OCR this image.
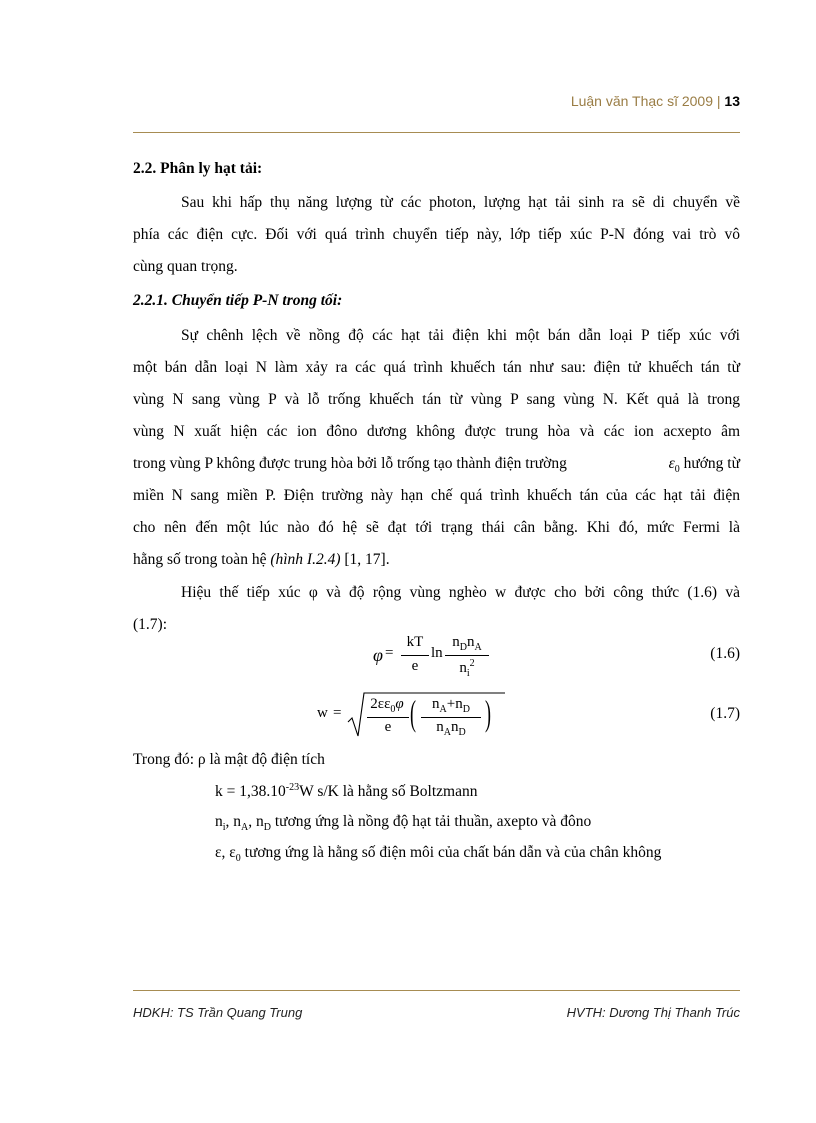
Luận văn Thạc sĩ 2009 | 13
2.2. Phân ly hạt tải:
Sau khi hấp thụ năng lượng từ các photon, lượng hạt tải sinh ra sẽ di chuyển về
phía các điện cực. Đối với quá trình chuyển tiếp này, lớp tiếp xúc P-N đóng vai trò vô
cùng quan trọng.
2.2.1. Chuyển tiếp P-N trong tối:
Sự chênh lệch về nồng độ các hạt tải điện khi một bán dẫn loại P tiếp xúc với
một bán dẫn loại N làm xảy ra các quá trình khuếch tán như sau: điện tử khuếch tán từ
vùng N sang vùng P và lỗ trống khuếch tán từ vùng P sang vùng N. Kết quả là trong
vùng N xuất hiện các ion đôno dương không được trung hòa và các ion acxepto âm
trong vùng P không được trung hòa bởi lỗ trống tạo thành điện trường	$\varepsilon_0$ hướng từ
miền N sang miền P. Điện trường này hạn chế quá trình khuếch tán của các hạt tải điện
cho nên đến một lúc nào đó hệ sẽ đạt tới trạng thái cân bằng. Khi đó, mức Fermi là
hằng số trong toàn hệ (hình I.2.4) [1, 17].
Hiệu thế tiếp xúc φ và độ rộng vùng nghèo w được cho bởi công thức (1.6) và
(1.7):
φ =
kT
e
ln
$n_Dn_A$
$n_i^2$
(1.6)
w =
$2\varepsilon\varepsilon_0\varphi$
e (	$n_A+n_D$
$n_An_D$ )	(1.7)
Trong đó: ρ là mật độ điện tích
$k = 1,38.10^{-23}W$ s/K là hằng số Boltzmann
$n_i$, $n_A$, $n_D$ tương ứng là nồng độ hạt tải thuần, axepto và đôno
ε, $\varepsilon_0$ tương ứng là hằng số điện môi của chất bán dẫn và của chân không
HDKH: TS Trần Quang Trung	HVTH: Dương Thị Thanh Trúc
